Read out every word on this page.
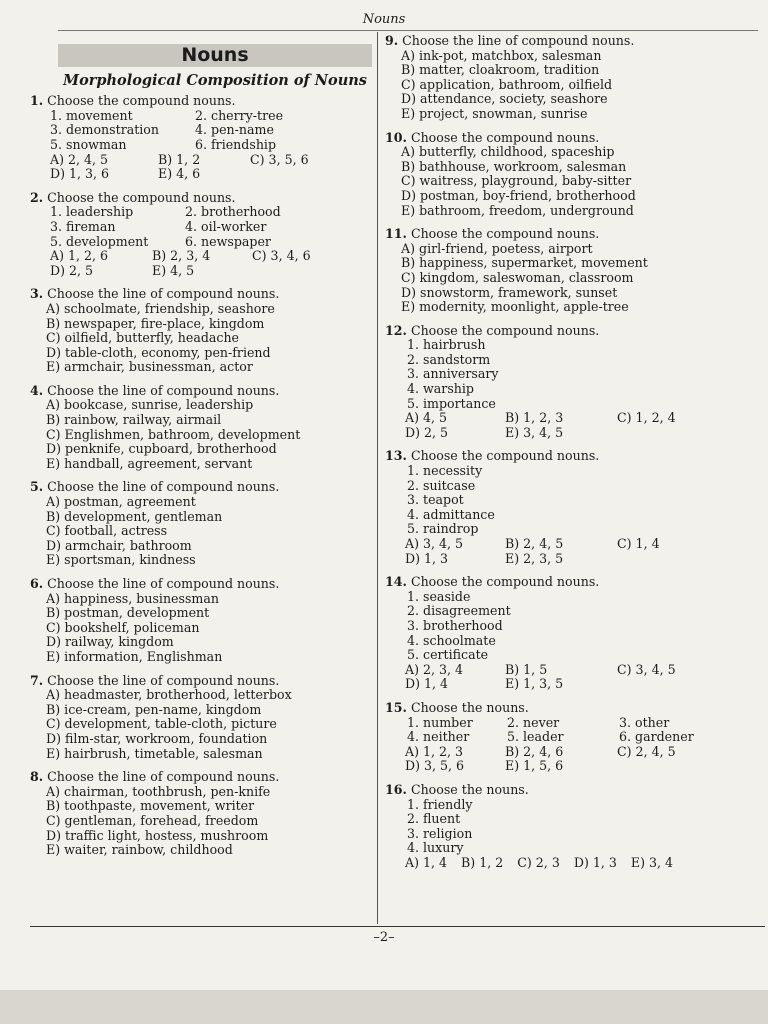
Nouns
Nouns
Morphological Composition of Nouns
1. Choose the compound nouns.
1. movement	2. cherry-tree
3. demonstration	4. pen-name
5. snowman	6. friendship
A) 2, 4, 5	B) 1, 2	C) 3, 5, 6
D) 1, 3, 6	E) 4, 6
2. Choose the compound nouns.
1. leadership	2. brotherhood
3. fireman	4. oil-worker
5. development	6. newspaper
A) 1, 2, 6	B) 2, 3, 4	C) 3, 4, 6
D) 2, 5	E) 4, 5
3. Choose the line of compound nouns.
A) schoolmate, friendship, seashore
B) newspaper, fire-place, kingdom
C) oilfield, butterfly, headache
D) table-cloth, economy, pen-friend
E) armchair, businessman, actor
4. Choose the line of compound nouns.
A) bookcase, sunrise, leadership
B) rainbow, railway, airmail
C) Englishmen, bathroom, development
D) penknife, cupboard, brotherhood
E) handball, agreement, servant
5. Choose the line of compound nouns.
A) postman, agreement
B) development, gentleman
C) football, actress
D) armchair, bathroom
E) sportsman, kindness
6. Choose the line of compound nouns.
A) happiness, businessman
B) postman, development
C) bookshelf, policeman
D) railway, kingdom
E) information, Englishman
7. Choose the line of compound nouns.
A) headmaster, brotherhood, letterbox
B) ice-cream, pen-name, kingdom
C) development, table-cloth, picture
D) film-star, workroom, foundation
E) hairbrush, timetable, salesman
8. Choose the line of compound nouns.
A) chairman, toothbrush, pen-knife
B) toothpaste, movement, writer
C) gentleman, forehead, freedom
D) traffic light, hostess, mushroom
E) waiter, rainbow, childhood
9. Choose the line of compound nouns.
A) ink-pot, matchbox, salesman
B) matter, cloakroom, tradition
C) application, bathroom, oilfield
D) attendance, society, seashore
E) project, snowman, sunrise
10. Choose the compound nouns.
A) butterfly, childhood, spaceship
B) bathhouse, workroom, salesman
C) waitress, playground, baby-sitter
D) postman, boy-friend, brotherhood
E) bathroom, freedom, underground
11. Choose the compound nouns.
A) girl-friend, poetess, airport
B) happiness, supermarket, movement
C) kingdom, saleswoman, classroom
D) snowstorm, framework, sunset
E) modernity, moonlight, apple-tree
12. Choose the compound nouns.
1. hairbrush
2. sandstorm
3. anniversary
4. warship
5. importance
A) 4, 5	B) 1, 2, 3	C) 1, 2, 4
D) 2, 5	E) 3, 4, 5
13. Choose the compound nouns.
1. necessity
2. suitcase
3. teapot
4. admittance
5. raindrop
A) 3, 4, 5	B) 2, 4, 5	C) 1, 4
D) 1, 3	E) 2, 3, 5
14. Choose the compound nouns.
1. seaside
2. disagreement
3. brotherhood
4. schoolmate
5. certificate
A) 2, 3, 4	B) 1, 5	C) 3, 4, 5
D) 1, 4	E) 1, 3, 5
15. Choose the nouns.
1. number	2. never	3. other
4. neither	5. leader	6. gardener
A) 1, 2, 3	B) 2, 4, 6	C) 2, 4, 5
D) 3, 5, 6	E) 1, 5, 6
16. Choose the nouns.
1. friendly
2. fluent
3. religion
4. luxury
A) 1, 4 B) 1, 2 C) 2, 3 D) 1, 3 E) 3, 4
–2–
